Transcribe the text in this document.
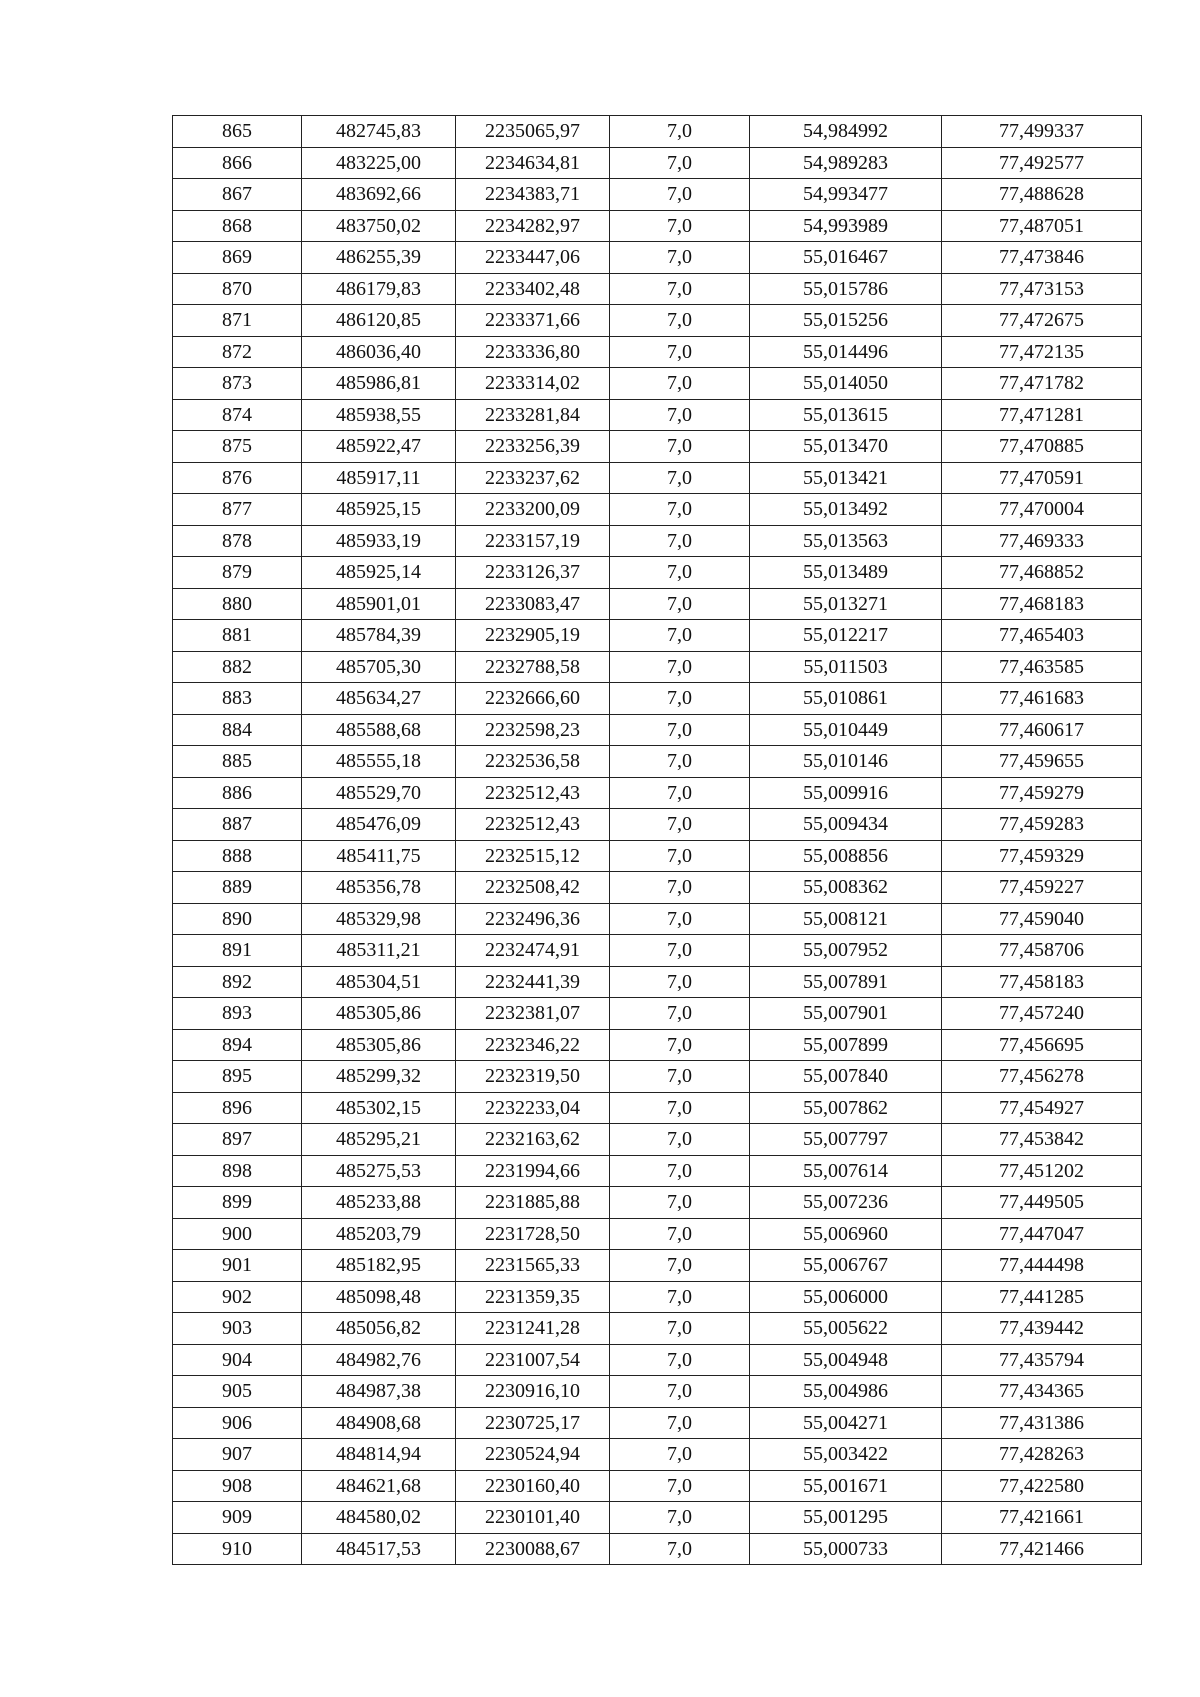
865	482745,83	2235065,97	7,0	54,984992	77,499337
866	483225,00	2234634,81	7,0	54,989283	77,492577
867	483692,66	2234383,71	7,0	54,993477	77,488628
868	483750,02	2234282,97	7,0	54,993989	77,487051
869	486255,39	2233447,06	7,0	55,016467	77,473846
870	486179,83	2233402,48	7,0	55,015786	77,473153
871	486120,85	2233371,66	7,0	55,015256	77,472675
872	486036,40	2233336,80	7,0	55,014496	77,472135
873	485986,81	2233314,02	7,0	55,014050	77,471782
874	485938,55	2233281,84	7,0	55,013615	77,471281
875	485922,47	2233256,39	7,0	55,013470	77,470885
876	485917,11	2233237,62	7,0	55,013421	77,470591
877	485925,15	2233200,09	7,0	55,013492	77,470004
878	485933,19	2233157,19	7,0	55,013563	77,469333
879	485925,14	2233126,37	7,0	55,013489	77,468852
880	485901,01	2233083,47	7,0	55,013271	77,468183
881	485784,39	2232905,19	7,0	55,012217	77,465403
882	485705,30	2232788,58	7,0	55,011503	77,463585
883	485634,27	2232666,60	7,0	55,010861	77,461683
884	485588,68	2232598,23	7,0	55,010449	77,460617
885	485555,18	2232536,58	7,0	55,010146	77,459655
886	485529,70	2232512,43	7,0	55,009916	77,459279
887	485476,09	2232512,43	7,0	55,009434	77,459283
888	485411,75	2232515,12	7,0	55,008856	77,459329
889	485356,78	2232508,42	7,0	55,008362	77,459227
890	485329,98	2232496,36	7,0	55,008121	77,459040
891	485311,21	2232474,91	7,0	55,007952	77,458706
892	485304,51	2232441,39	7,0	55,007891	77,458183
893	485305,86	2232381,07	7,0	55,007901	77,457240
894	485305,86	2232346,22	7,0	55,007899	77,456695
895	485299,32	2232319,50	7,0	55,007840	77,456278
896	485302,15	2232233,04	7,0	55,007862	77,454927
897	485295,21	2232163,62	7,0	55,007797	77,453842
898	485275,53	2231994,66	7,0	55,007614	77,451202
899	485233,88	2231885,88	7,0	55,007236	77,449505
900	485203,79	2231728,50	7,0	55,006960	77,447047
901	485182,95	2231565,33	7,0	55,006767	77,444498
902	485098,48	2231359,35	7,0	55,006000	77,441285
903	485056,82	2231241,28	7,0	55,005622	77,439442
904	484982,76	2231007,54	7,0	55,004948	77,435794
905	484987,38	2230916,10	7,0	55,004986	77,434365
906	484908,68	2230725,17	7,0	55,004271	77,431386
907	484814,94	2230524,94	7,0	55,003422	77,428263
908	484621,68	2230160,40	7,0	55,001671	77,422580
909	484580,02	2230101,40	7,0	55,001295	77,421661
910	484517,53	2230088,67	7,0	55,000733	77,421466
